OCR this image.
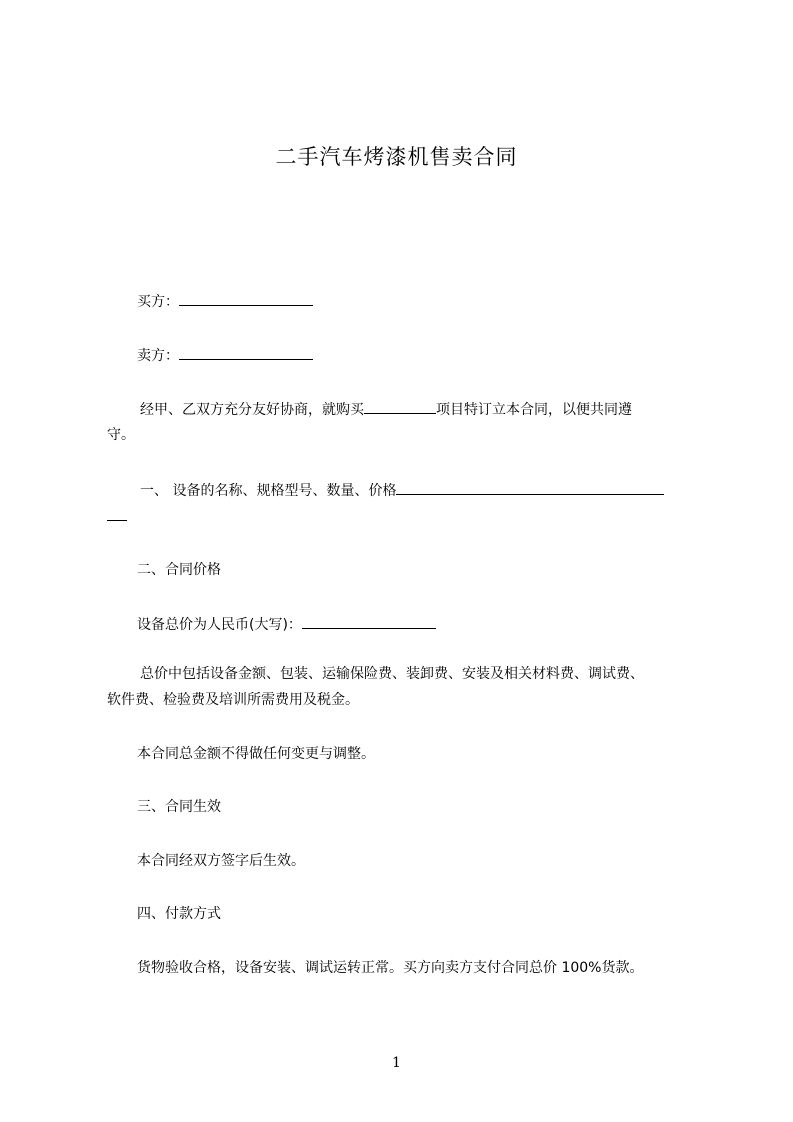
二手汽车烤漆机售卖合同
买方：
卖方：
经甲、乙双方充分友好协商，就购买	项目特订立本合同，以便共同遵
守。
一、 设备的名称、规格型号、数量、价格
二、合同价格
设备总价为人民币(大写)：
总价中包括设备金额、包装、运输保险费、装卸费、安装及相关材料费、调试费、
软件费、检验费及培训所需费用及税金。
本合同总金额不得做任何变更与调整。
三、合同生效
本合同经双方签字后生效。
四、付款方式
货物验收合格，设备安装、调试运转正常。买方向卖方支付合同总价 100%货款。
1
